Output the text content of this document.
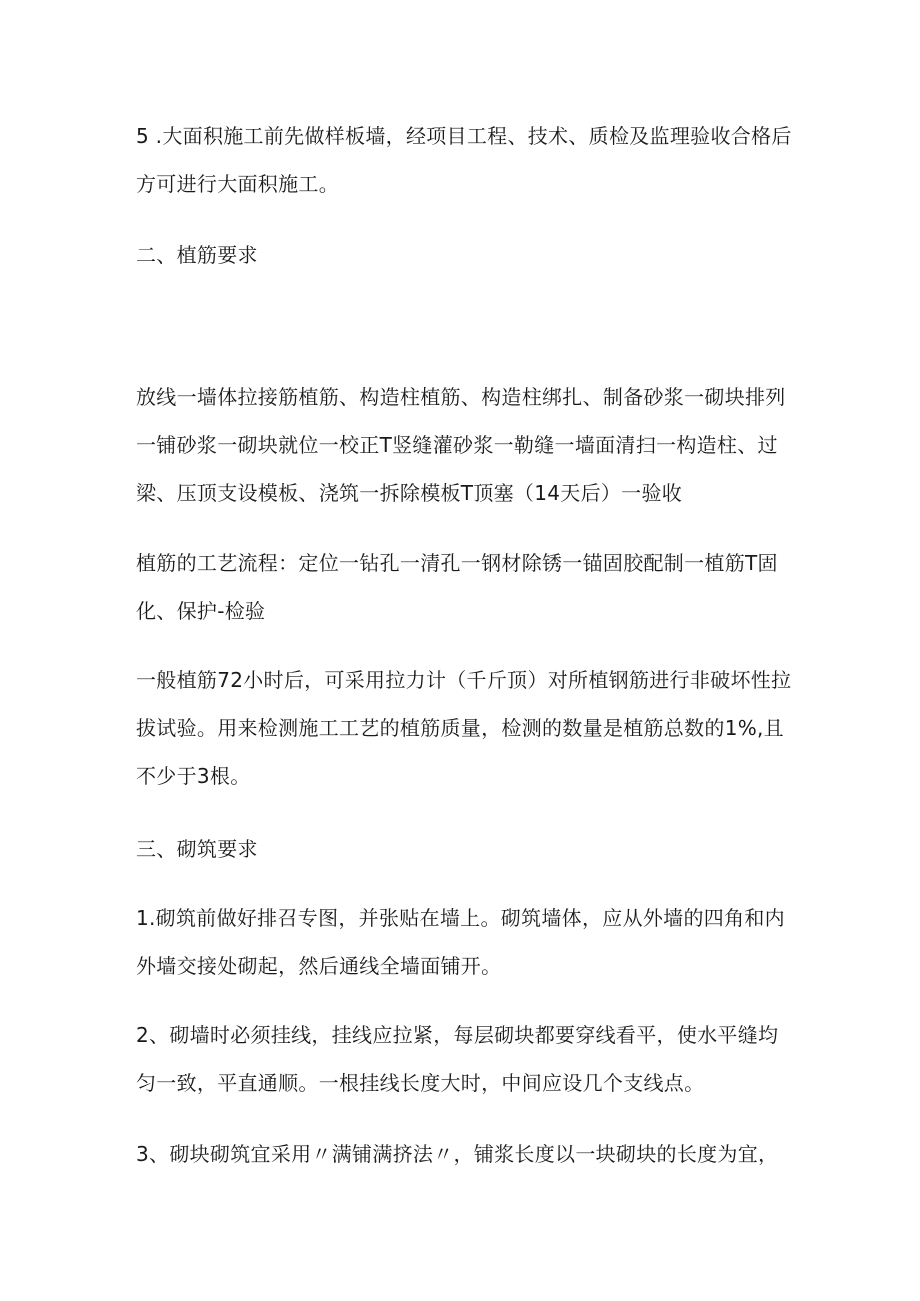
5 .大面积施工前先做样板墙，经项目工程、技术、质检及监理验收合格后
方可进行大面积施工。
二、植筋要求
放线一墙体拉接筋植筋、构造柱植筋、构造柱绑扎、制备砂浆一砌块排列
一铺砂浆一砌块就位一校正T竖缝灌砂浆一勒缝一墙面清扫一构造柱、过
梁、压顶支设模板、浇筑一拆除模板T顶塞（14天后）一验收
植筋的工艺流程：定位一钻孔一清孔一钢材除锈一锚固胶配制一植筋T固
化、保护-检验
一般植筋72小时后，可采用拉力计（千斤顶）对所植钢筋进行非破坏性拉
拔试验。用来检测施工工艺的植筋质量，检测的数量是植筋总数的1%,且
不少于3根。
三、砌筑要求
1.砌筑前做好排召专图，并张贴在墙上。砌筑墙体，应从外墙的四角和内
外墙交接处砌起，然后通线全墙面铺开。
2、砌墙时必须挂线，挂线应拉紧，每层砌块都要穿线看平，使水平缝均
匀一致，平直通顺。一根挂线长度大时，中间应设几个支线点。
3、砌块砌筑宜采用〃满铺满挤法〃，铺浆长度以一块砌块的长度为宜，
